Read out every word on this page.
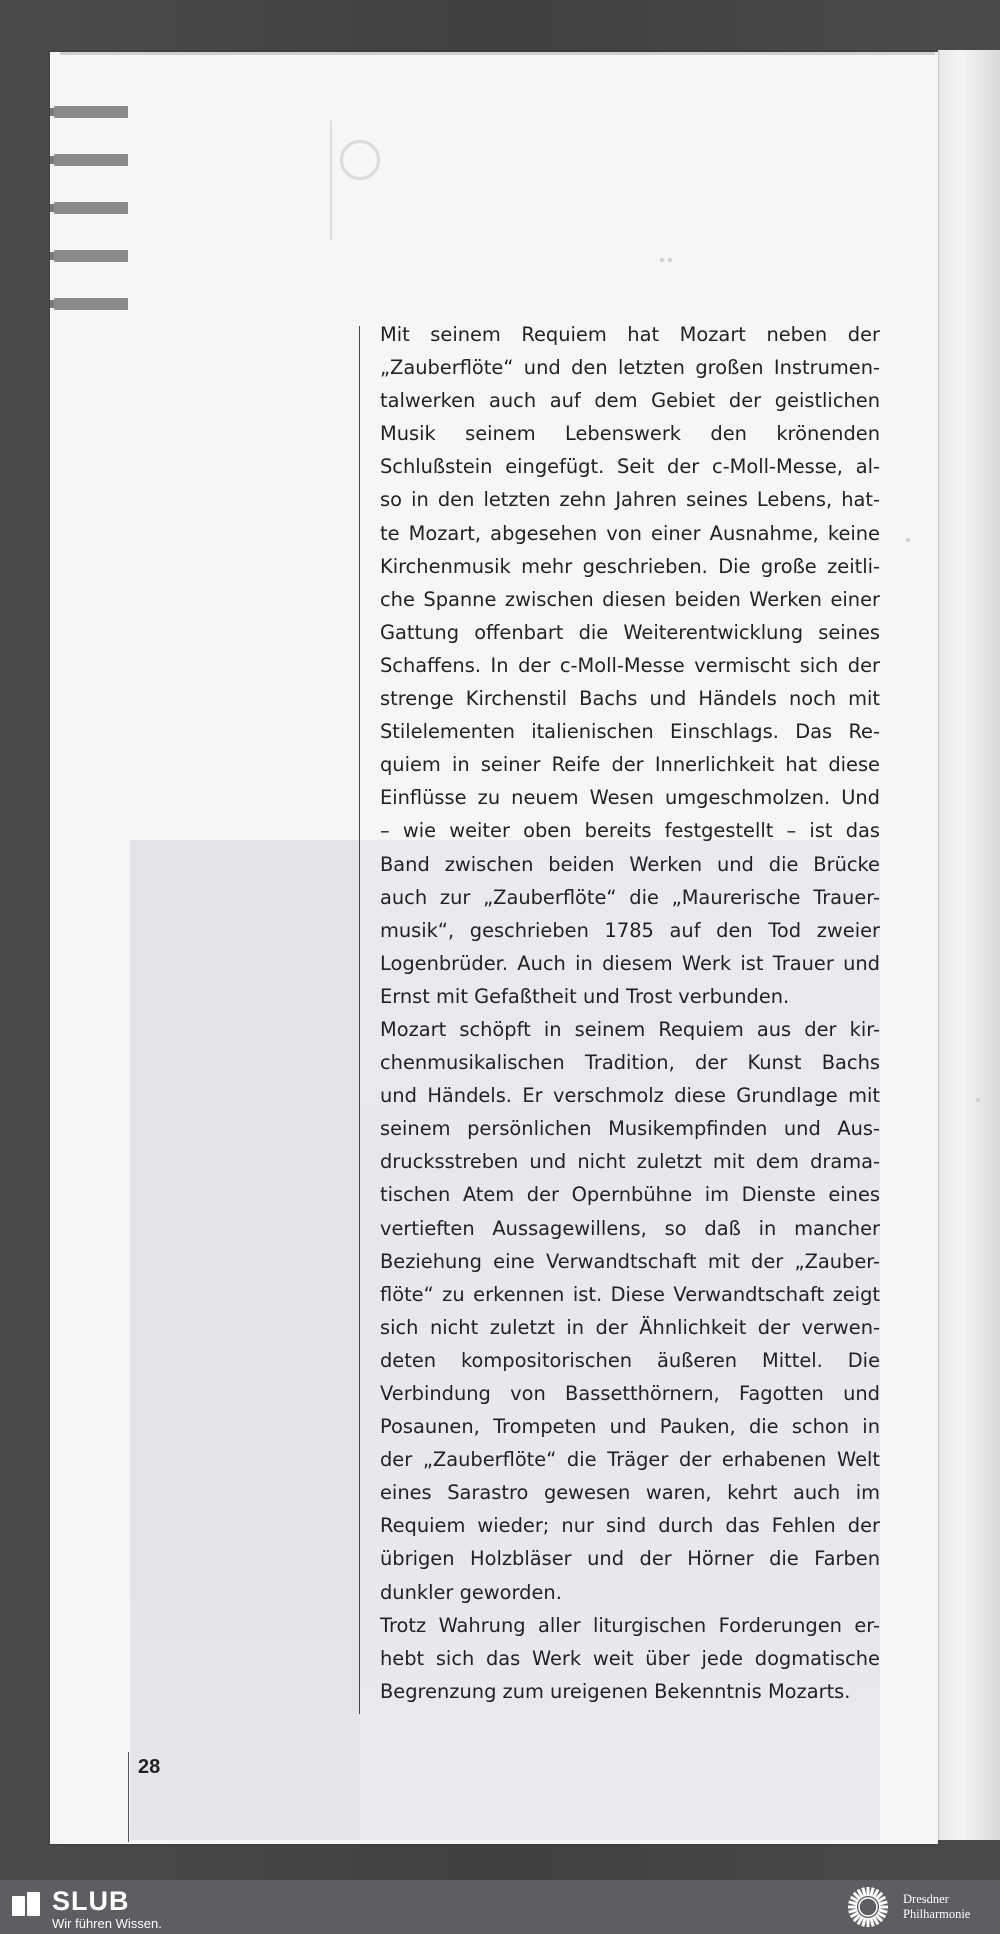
Mit seinem Requiem hat Mozart neben der
„Zauberflöte“ und den letzten großen Instrumen-
talwerken auch auf dem Gebiet der geistlichen
Musik seinem Lebenswerk den krönenden
Schlußstein eingefügt. Seit der c-Moll-Messe, al-
so in den letzten zehn Jahren seines Lebens, hat-
te Mozart, abgesehen von einer Ausnahme, keine
Kirchenmusik mehr geschrieben. Die große zeitli-
che Spanne zwischen diesen beiden Werken einer
Gattung offenbart die Weiterentwicklung seines
Schaffens. In der c-Moll-Messe vermischt sich der
strenge Kirchenstil Bachs und Händels noch mit
Stilelementen italienischen Einschlags. Das Re-
quiem in seiner Reife der Innerlichkeit hat diese
Einflüsse zu neuem Wesen umgeschmolzen. Und
– wie weiter oben bereits festgestellt – ist das
Band zwischen beiden Werken und die Brücke
auch zur „Zauberflöte“ die „Maurerische Trauer-
musik“, geschrieben 1785 auf den Tod zweier
Logenbrüder. Auch in diesem Werk ist Trauer und
Ernst mit Gefaßtheit und Trost verbunden.
Mozart schöpft in seinem Requiem aus der kir-
chenmusikalischen Tradition, der Kunst Bachs
und Händels. Er verschmolz diese Grundlage mit
seinem persönlichen Musikempfinden und Aus-
drucksstreben und nicht zuletzt mit dem drama-
tischen Atem der Opernbühne im Dienste eines
vertieften Aussagewillens, so daß in mancher
Beziehung eine Verwandtschaft mit der „Zauber-
flöte“ zu erkennen ist. Diese Verwandtschaft zeigt
sich nicht zuletzt in der Ähnlichkeit der verwen-
deten kompositorischen äußeren Mittel. Die
Verbindung von Bassetthörnern, Fagotten und
Posaunen, Trompeten und Pauken, die schon in
der „Zauberflöte“ die Träger der erhabenen Welt
eines Sarastro gewesen waren, kehrt auch im
Requiem wieder; nur sind durch das Fehlen der
übrigen Holzbläser und der Hörner die Farben
dunkler geworden.
Trotz Wahrung aller liturgischen Forderungen er-
hebt sich das Werk weit über jede dogmatische
Begrenzung zum ureigenen Bekenntnis Mozarts.
28
SLUB
Wir führen Wissen.
Dresdner
Philharmonie
